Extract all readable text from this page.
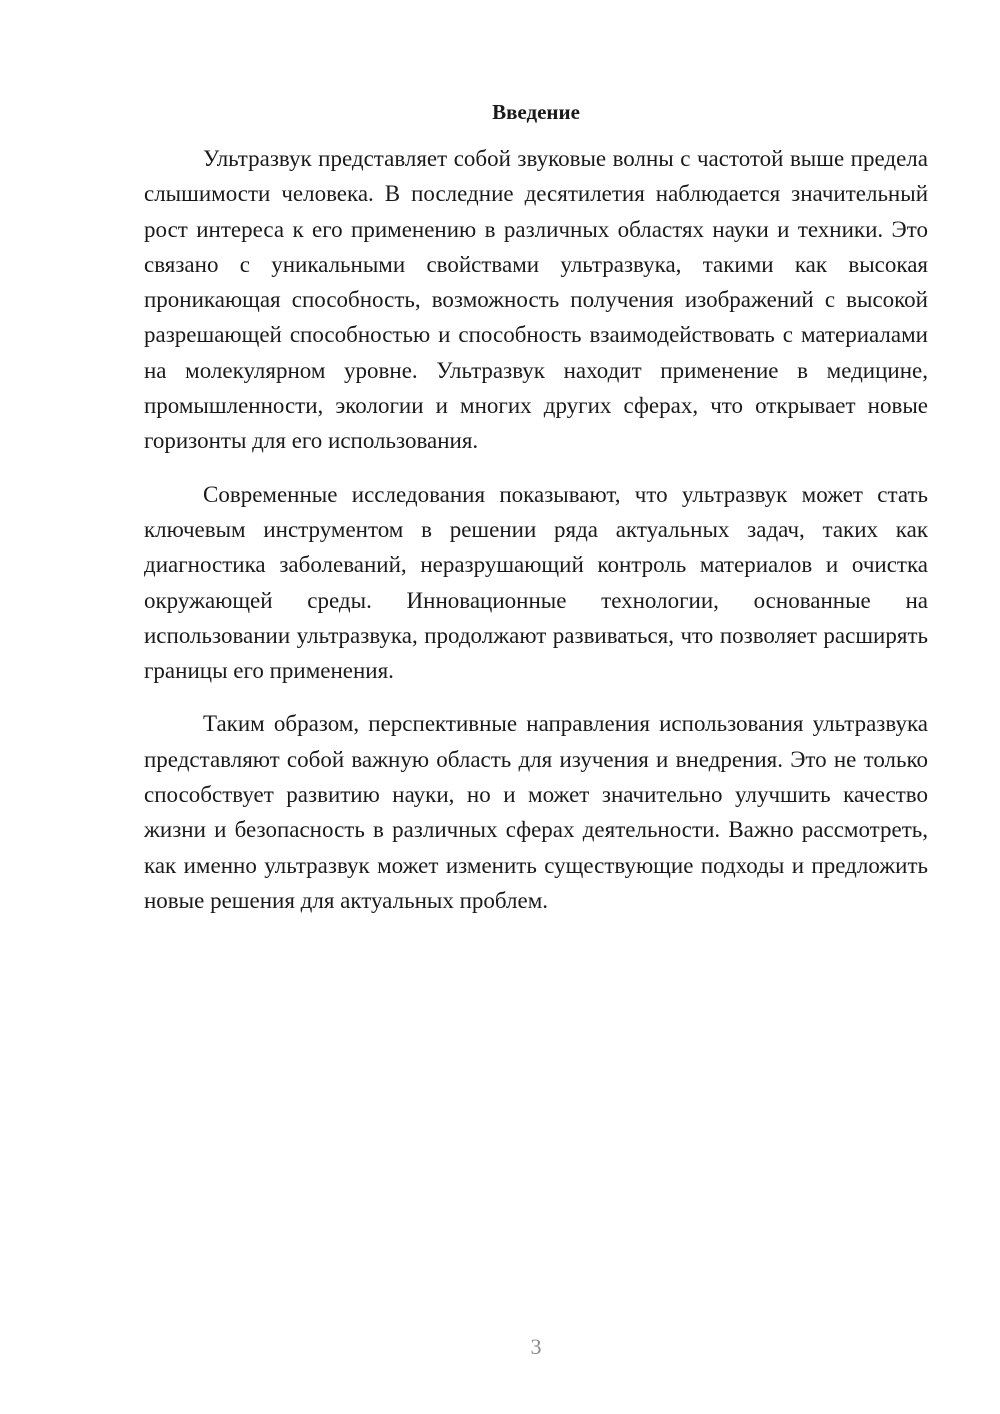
Введение

Ультразвук представляет собой звуковые волны с частотой выше предела слышимости человека. В последние десятилетия наблюдается значительный рост интереса к его применению в различных областях науки и техники. Это связано с уникальными свойствами ультразвука, такими как высокая проникающая способность, возможность получения изображений с высокой разрешающей способностью и способность взаимодействовать с материалами на молекулярном уровне. Ультразвук находит применение в медицине, промышленности, экологии и многих других сферах, что открывает новые горизонты для его использования.

Современные исследования показывают, что ультразвук может стать ключевым инструментом в решении ряда актуальных задач, таких как диагностика заболеваний, неразрушающий контроль материалов и очистка окружающей среды. Инновационные технологии, основанные на использовании ультразвука, продолжают развиваться, что позволяет расширять границы его применения.

Таким образом, перспективные направления использования ультразвука представляют собой важную область для изучения и внедрения. Это не только способствует развитию науки, но и может значительно улучшить качество жизни и безопасность в различных сферах деятельности. Важно рассмотреть, как именно ультразвук может изменить существующие подходы и предложить новые решения для актуальных проблем.

3
